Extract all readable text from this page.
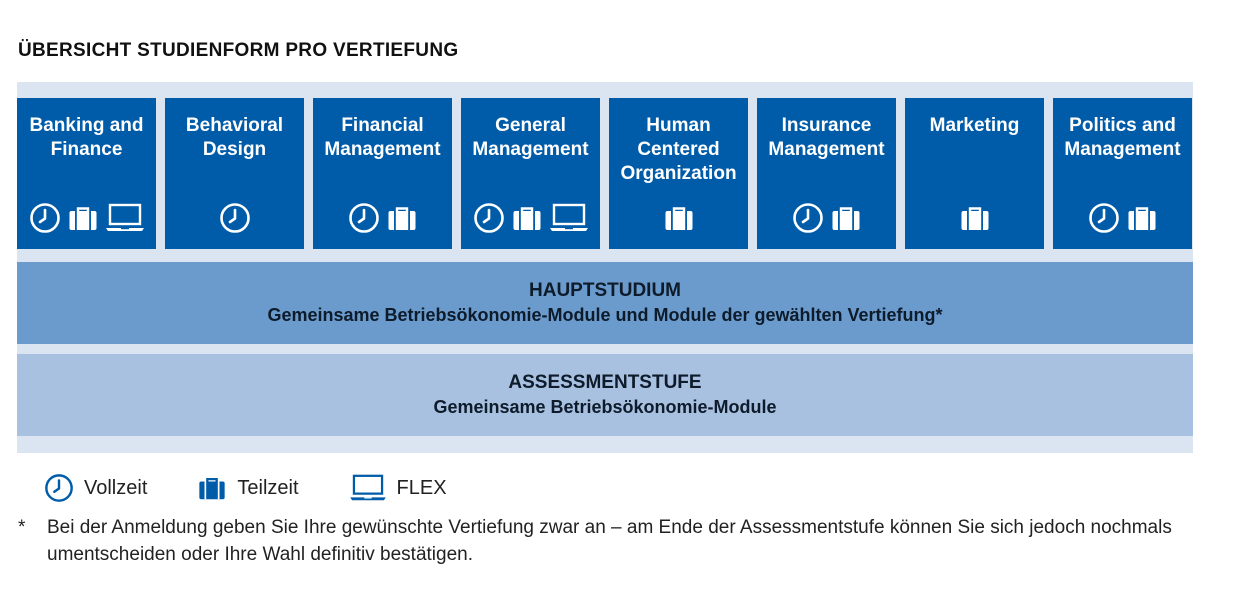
ÜBERSICHT STUDIENFORM PRO VERTIEFUNG
Banking and
Finance
Behavioral
Design
Financial
Management
General
Management
Human
Centered
Organization
Insurance
Management
Marketing	Politics and
Management
HAUPTSTUDIUM
Gemeinsame Betriebsökonomie-Module und Module der gewählten Vertiefung*
ASSESSMENTSTUFE
Gemeinsame Betriebsökonomie-Module
Vollzeit	Teilzeit	FLEX
* Bei der Anmeldung geben Sie Ihre gewünschte Vertiefung zwar an – am Ende der Assessmentstufe können Sie sich jedoch nochmals umentscheiden oder Ihre Wahl definitiv bestätigen.
